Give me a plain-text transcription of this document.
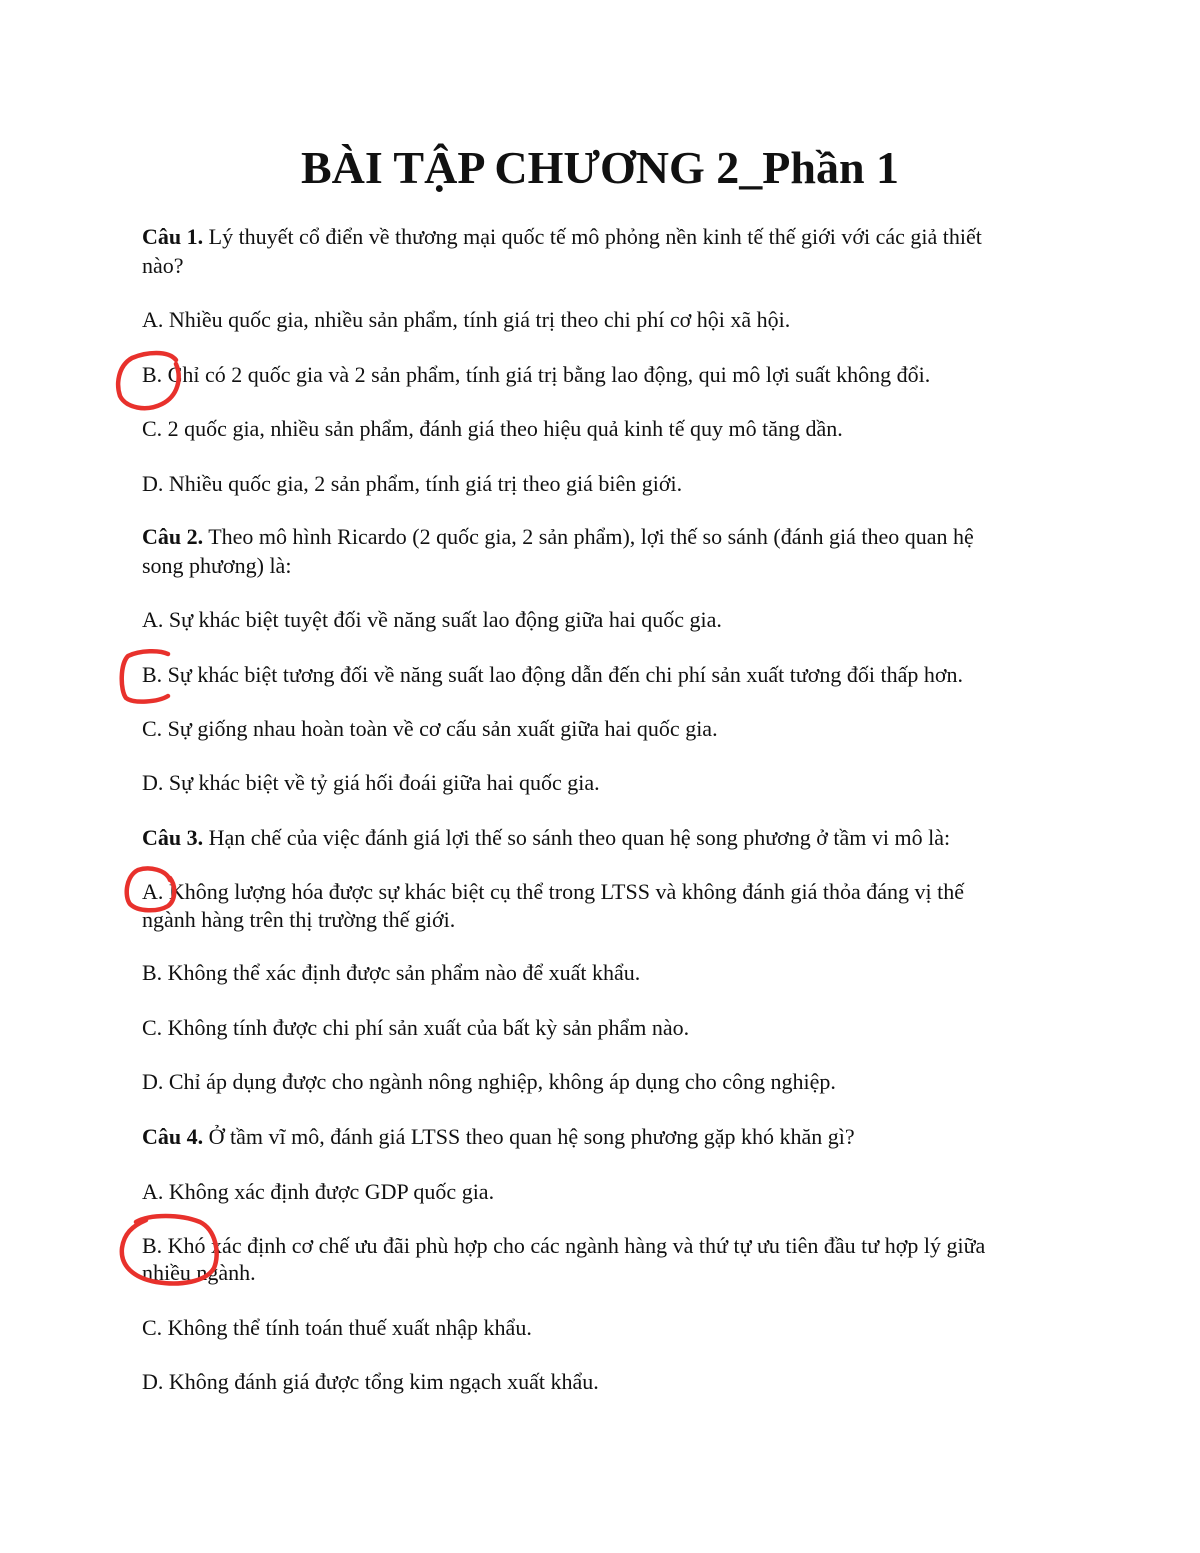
BÀI TẬP CHƯƠNG 2_Phần 1
Câu 1. Lý thuyết cổ điển về thương mại quốc tế mô phỏng nền kinh tế thế giới với các giả thiết
nào?
A. Nhiều quốc gia, nhiều sản phẩm, tính giá trị theo chi phí cơ hội xã hội.
B. Chỉ có 2 quốc gia và 2 sản phẩm, tính giá trị bằng lao động, qui mô lợi suất không đổi.
C. 2 quốc gia, nhiều sản phẩm, đánh giá theo hiệu quả kinh tế quy mô tăng dần.
D. Nhiều quốc gia, 2 sản phẩm, tính giá trị theo giá biên giới.
Câu 2. Theo mô hình Ricardo (2 quốc gia, 2 sản phẩm), lợi thế so sánh (đánh giá theo quan hệ
song phương) là:
A. Sự khác biệt tuyệt đối về năng suất lao động giữa hai quốc gia.
B. Sự khác biệt tương đối về năng suất lao động dẫn đến chi phí sản xuất tương đối thấp hơn.
C. Sự giống nhau hoàn toàn về cơ cấu sản xuất giữa hai quốc gia.
D. Sự khác biệt về tỷ giá hối đoái giữa hai quốc gia.
Câu 3. Hạn chế của việc đánh giá lợi thế so sánh theo quan hệ song phương ở tầm vi mô là:
A. Không lượng hóa được sự khác biệt cụ thể trong LTSS và không đánh giá thỏa đáng vị thế
ngành hàng trên thị trường thế giới.
B. Không thể xác định được sản phẩm nào để xuất khẩu.
C. Không tính được chi phí sản xuất của bất kỳ sản phẩm nào.
D. Chỉ áp dụng được cho ngành nông nghiệp, không áp dụng cho công nghiệp.
Câu 4. Ở tầm vĩ mô, đánh giá LTSS theo quan hệ song phương gặp khó khăn gì?
A. Không xác định được GDP quốc gia.
B. Khó xác định cơ chế ưu đãi phù hợp cho các ngành hàng và thứ tự ưu tiên đầu tư hợp lý giữa
nhiều ngành.
C. Không thể tính toán thuế xuất nhập khẩu.
D. Không đánh giá được tổng kim ngạch xuất khẩu.
